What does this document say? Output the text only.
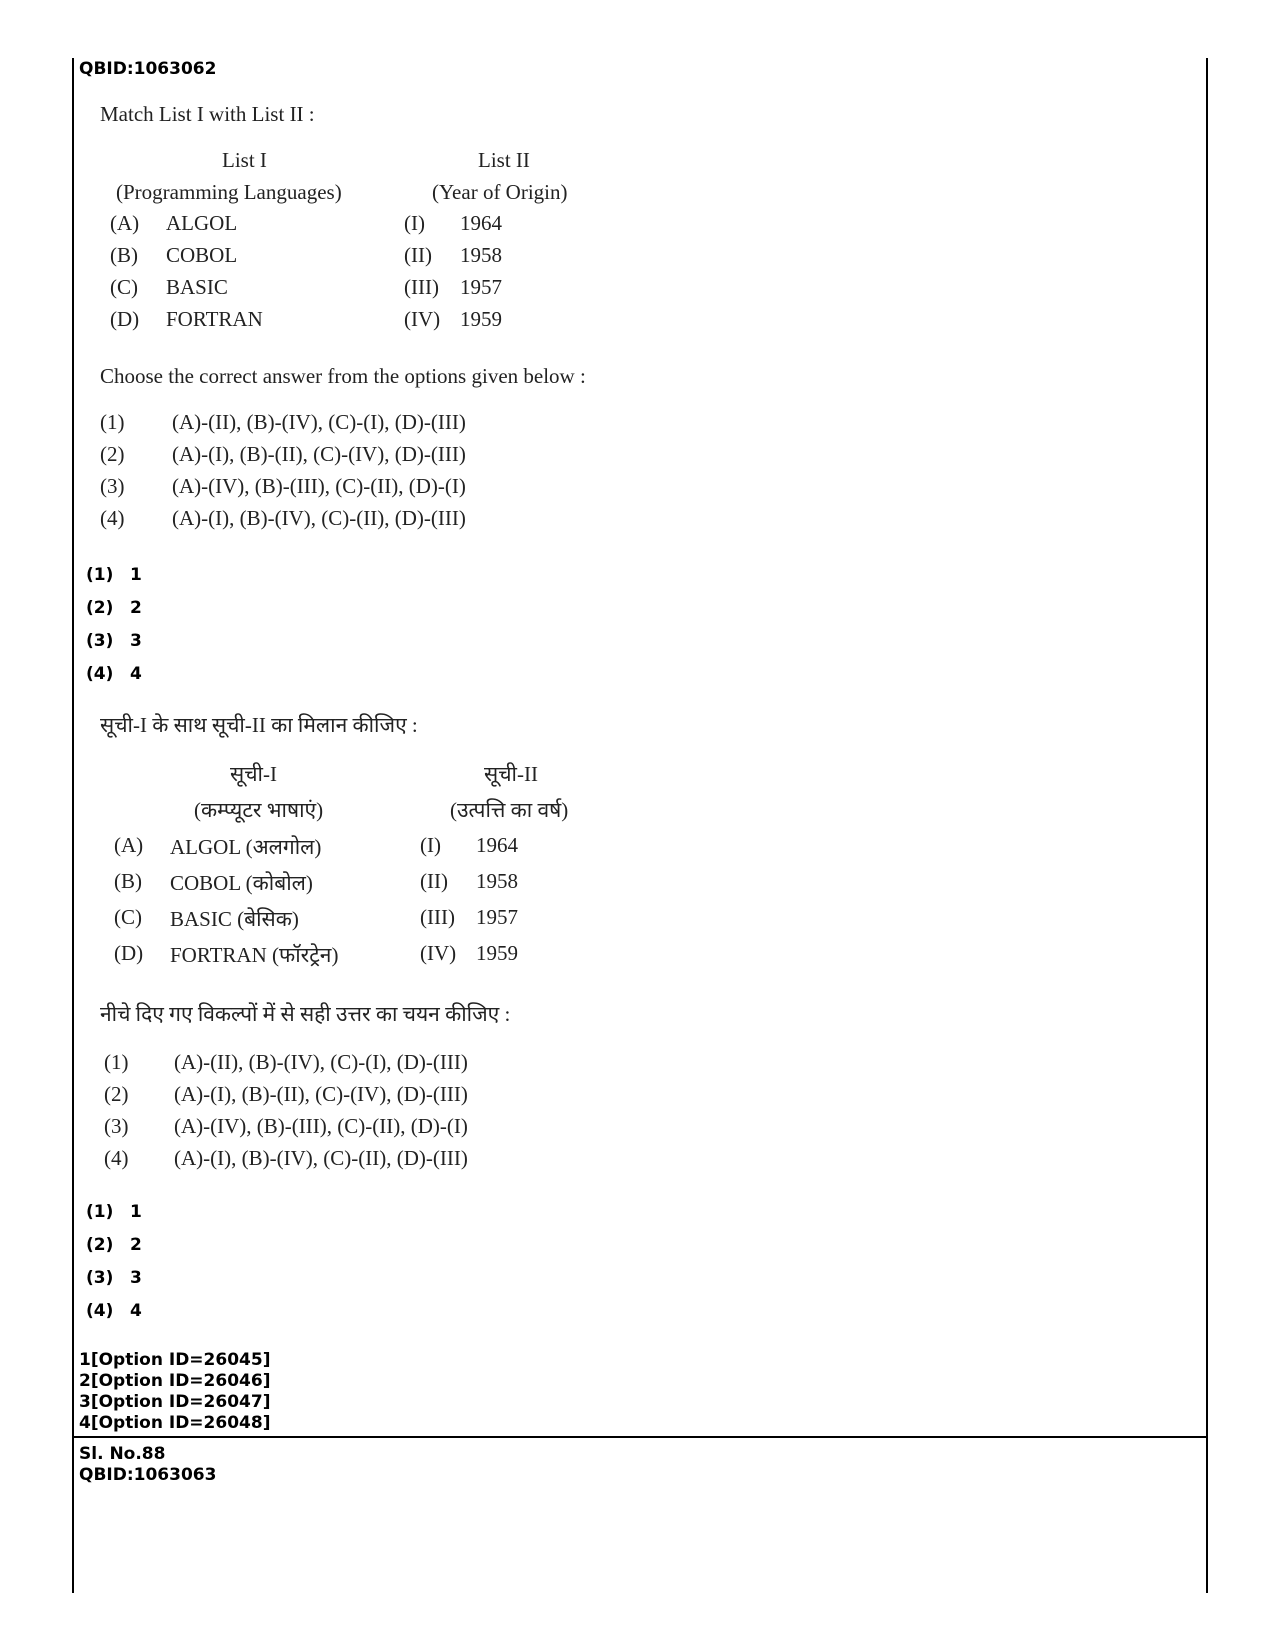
QBID:1063062
Match List I with List II :
List I
(Programming Languages)
List II
(Year of Origin)
(A) ALGOL	(I) 1964
(B) COBOL	(II) 1958
(C) BASIC	(III) 1957
(D) FORTRAN	(IV) 1959
Choose the correct answer from the options given below :
(1) (A)-(II), (B)-(IV), (C)-(I), (D)-(III)
(2) (A)-(I), (B)-(II), (C)-(IV), (D)-(III)
(3) (A)-(IV), (B)-(III), (C)-(II), (D)-(I)
(4) (A)-(I), (B)-(IV), (C)-(II), (D)-(III)
(1) 1
(2) 2
(3) 3
(4) 4
सूची-I के साथ सूची-II का मिलान कीजिए :
सूची-I
(कम्प्यूटर भाषाएं)
सूची-II
(उत्पत्ति का वर्ष)
(A) ALGOL (अलगोल)	(I) 1964
(B) COBOL (कोबोल)	(II) 1958
(C) BASIC (बेसिक)	(III) 1957
(D) FORTRAN (फॉरट्रेन)	(IV) 1959
नीचे दिए गए विकल्पों में से सही उत्तर का चयन कीजिए :
(1) (A)-(II), (B)-(IV), (C)-(I), (D)-(III)
(2) (A)-(I), (B)-(II), (C)-(IV), (D)-(III)
(3) (A)-(IV), (B)-(III), (C)-(II), (D)-(I)
(4) (A)-(I), (B)-(IV), (C)-(II), (D)-(III)
(1) 1
(2) 2
(3) 3
(4) 4
1[Option ID=26045]
2[Option ID=26046]
3[Option ID=26047]
4[Option ID=26048]
Sl. No.88
QBID:1063063
